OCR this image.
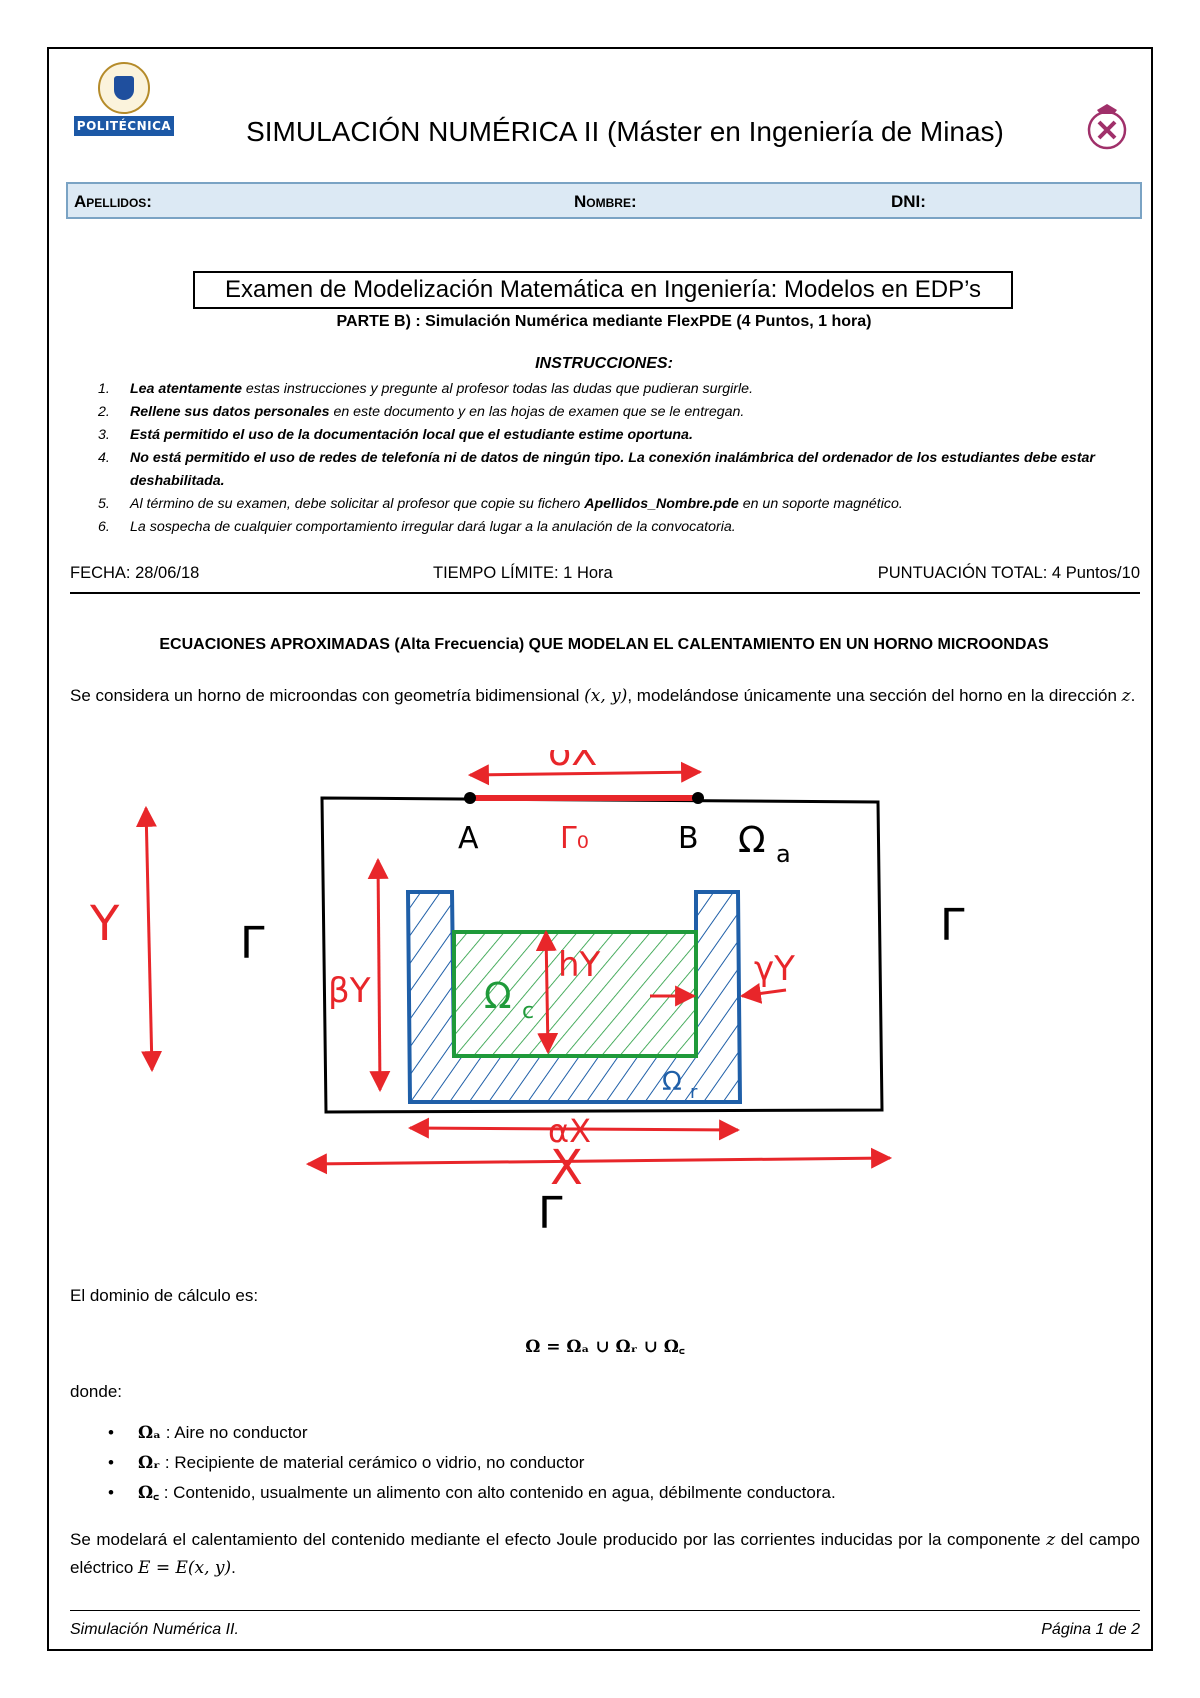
POLITÉCNICA	SIMULACIÓN NUMÉRICA II (Máster en Ingeniería de Minas)
Apellidos:	Nombre:	DNI:
Examen de Modelización Matemática en Ingeniería: Modelos en EDP’s
PARTE B) : Simulación Numérica mediante FlexPDE (4 Puntos, 1 hora)
INSTRUCCIONES:
1. Lea atentamente estas instrucciones y pregunte al profesor todas las dudas que pudieran surgirle.
2. Rellene sus datos personales en este documento y en las hojas de examen que se le entregan.
3. Está permitido el uso de la documentación local que el estudiante estime oportuna.
4. No está permitido el uso de redes de telefonía ni de datos de ningún tipo. La conexión inalámbrica del ordenador de los estudiantes debe estar deshabilitada.
5. Al término de su examen, debe solicitar al profesor que copie su fichero Apellidos_Nombre.pde en un soporte magnético.
6. La sospecha de cualquier comportamiento irregular dará lugar a la anulación de la convocatoria.
FECHA: 28/06/18	TIEMPO LÍMITE: 1 Hora	PUNTUACIÓN TOTAL: 4 Puntos/10
ECUACIONES APROXIMADAS (Alta Frecuencia) QUE MODELAN EL CALENTAMIENTO EN UN HORNO MICROONDAS
Se considera un horno de microondas con geometría bidimensional (x, y), modelándose únicamente una sección del horno en la dirección z.
δX
A	Γ₀	B Ω a
Y	Γ	Γ
Γ
Ω c
Ω r
hY
βY
γY
αX
X
El dominio de cálculo es:
Ω = Ωₐ ∪ Ωᵣ ∪ Ω꜀
donde:
• Ωₐ : Aire no conductor
• Ωᵣ : Recipiente de material cerámico o vidrio, no conductor
• Ω꜀ : Contenido, usualmente un alimento con alto contenido en agua, débilmente conductora.
Se modelará el calentamiento del contenido mediante el efecto Joule producido por las corrientes inducidas por la componente z del campo eléctrico E = E(x, y).
Simulación Numérica II.	Página 1 de 2
